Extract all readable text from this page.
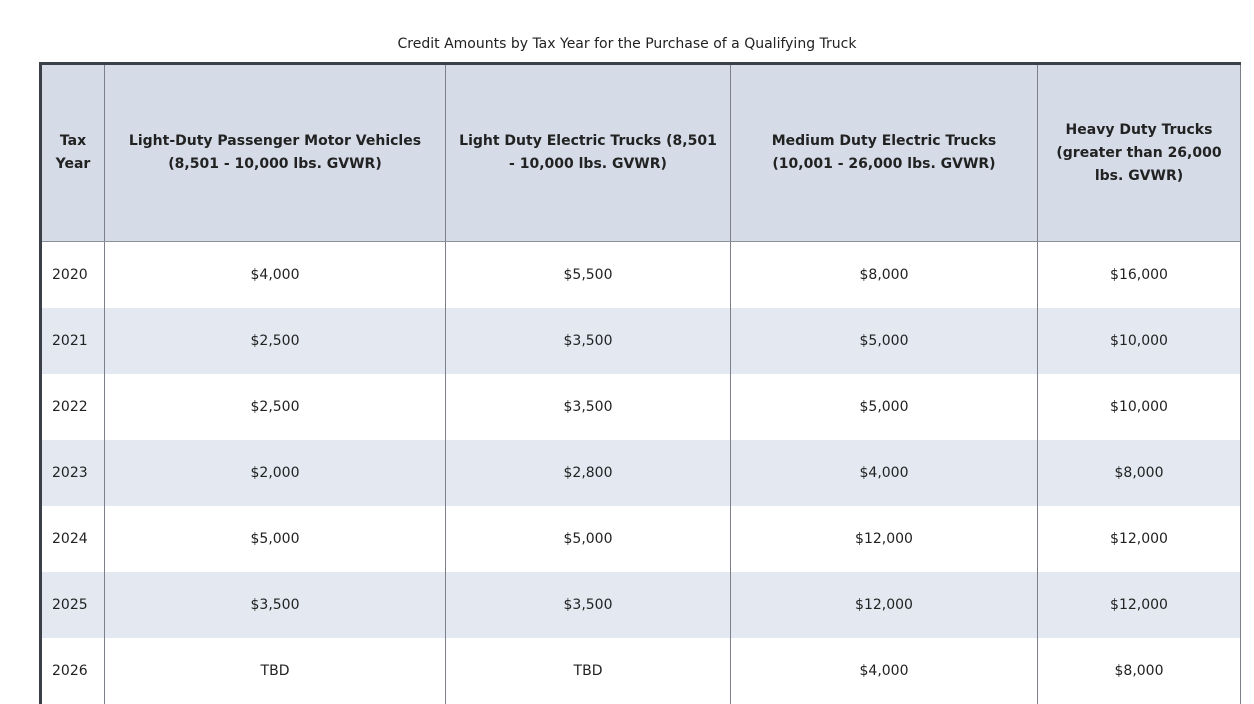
Credit Amounts by Tax Year for the Purchase of a Qualifying Truck
Tax Year	Light-Duty Passenger Motor Vehicles (8,501 - 10,000 lbs. GVWR)	Light Duty Electric Trucks (8,501 - 10,000 lbs. GVWR)	Medium Duty Electric Trucks (10,001 - 26,000 lbs. GVWR)	Heavy Duty Trucks (greater than 26,000 lbs. GVWR)
2020	$4,000	$5,500	$8,000	$16,000
2021	$2,500	$3,500	$5,000	$10,000
2022	$2,500	$3,500	$5,000	$10,000
2023	$2,000	$2,800	$4,000	$8,000
2024	$5,000	$5,000	$12,000	$12,000
2025	$3,500	$3,500	$12,000	$12,000
2026	TBD	TBD	$4,000	$8,000
